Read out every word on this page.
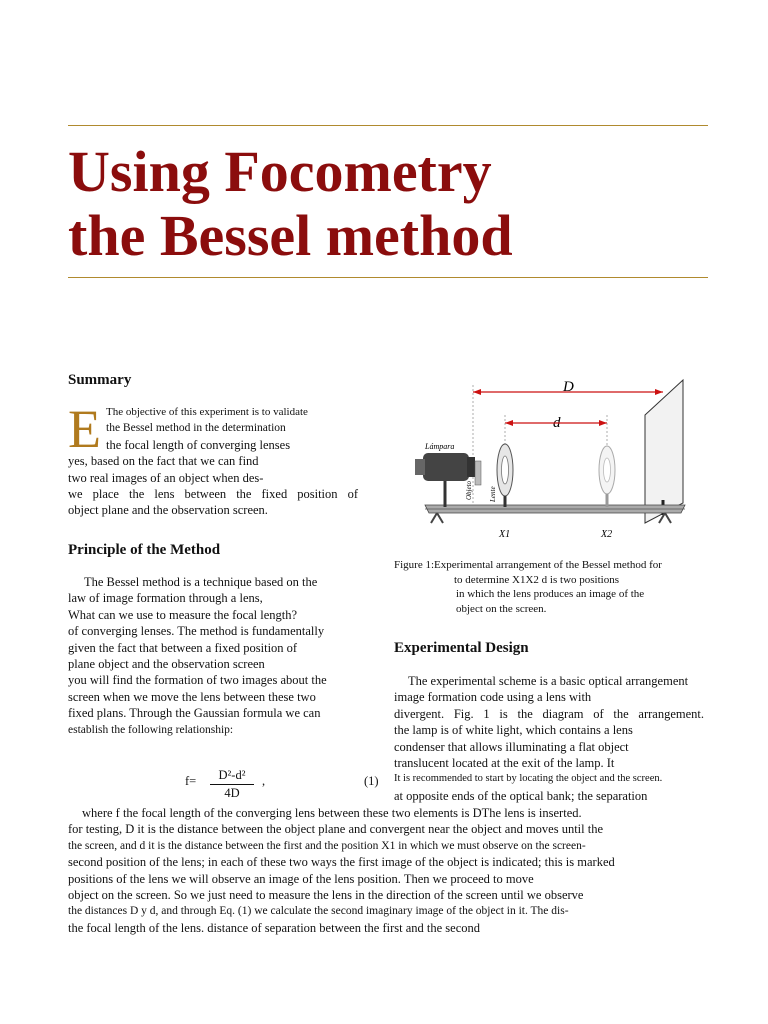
Using Focometry
the Bessel method
Summary
E The objective of this experiment is to validate
the Bessel method in the determination
the focal length of converging lenses
yes, based on the fact that we can find
two real images of an object when des-
we place the lens between the fixed position of
object plane and the observation screen.
Principle of the Method
The Bessel method is a technique based on the
law of image formation through a lens,
What can we use to measure the focal length?
of converging lenses. The method is fundamentally
given the fact that between a fixed position of
plane object and the observation screen
you will find the formation of two images about the
screen when we move the lens between these two
fixed plans. Through the Gaussian formula we can
establish the following relationship:
f=	D²-d²
4D
,	(1)
D
d
Lámpara
Objeto Lente
X1	X2
Figure 1:Experimental arrangement of the Bessel method for
to determine X1X2 d is two positions
in which the lens produces an image of the
object on the screen.
Experimental Design
The experimental scheme is a basic optical arrangement
image formation code using a lens with
divergent. Fig. 1 is the diagram of the arrangement.
the lamp is of white light, which contains a lens
condenser that allows illuminating a flat object
translucent located at the exit of the lamp. It
It is recommended to start by locating the object and the screen.
at opposite ends of the optical bank; the separation
where f the focal length of the converging lens between these two elements is DThe lens is inserted.
for testing, D it is the distance between the object plane and convergent near the object and moves until the
the screen, and d it is the distance between the first and the position X1 in which we must observe on the screen-
second position of the lens; in each of these two ways the first image of the object is indicated; this is marked
positions of the lens we will observe an image of the lens position. Then we proceed to move
object on the screen. So we just need to measure the lens in the direction of the screen until we observe
the distances D y d, and through Eq. (1) we calculate the second imaginary image of the object in it. The dis-
the focal length of the lens. distance of separation between the first and the second
